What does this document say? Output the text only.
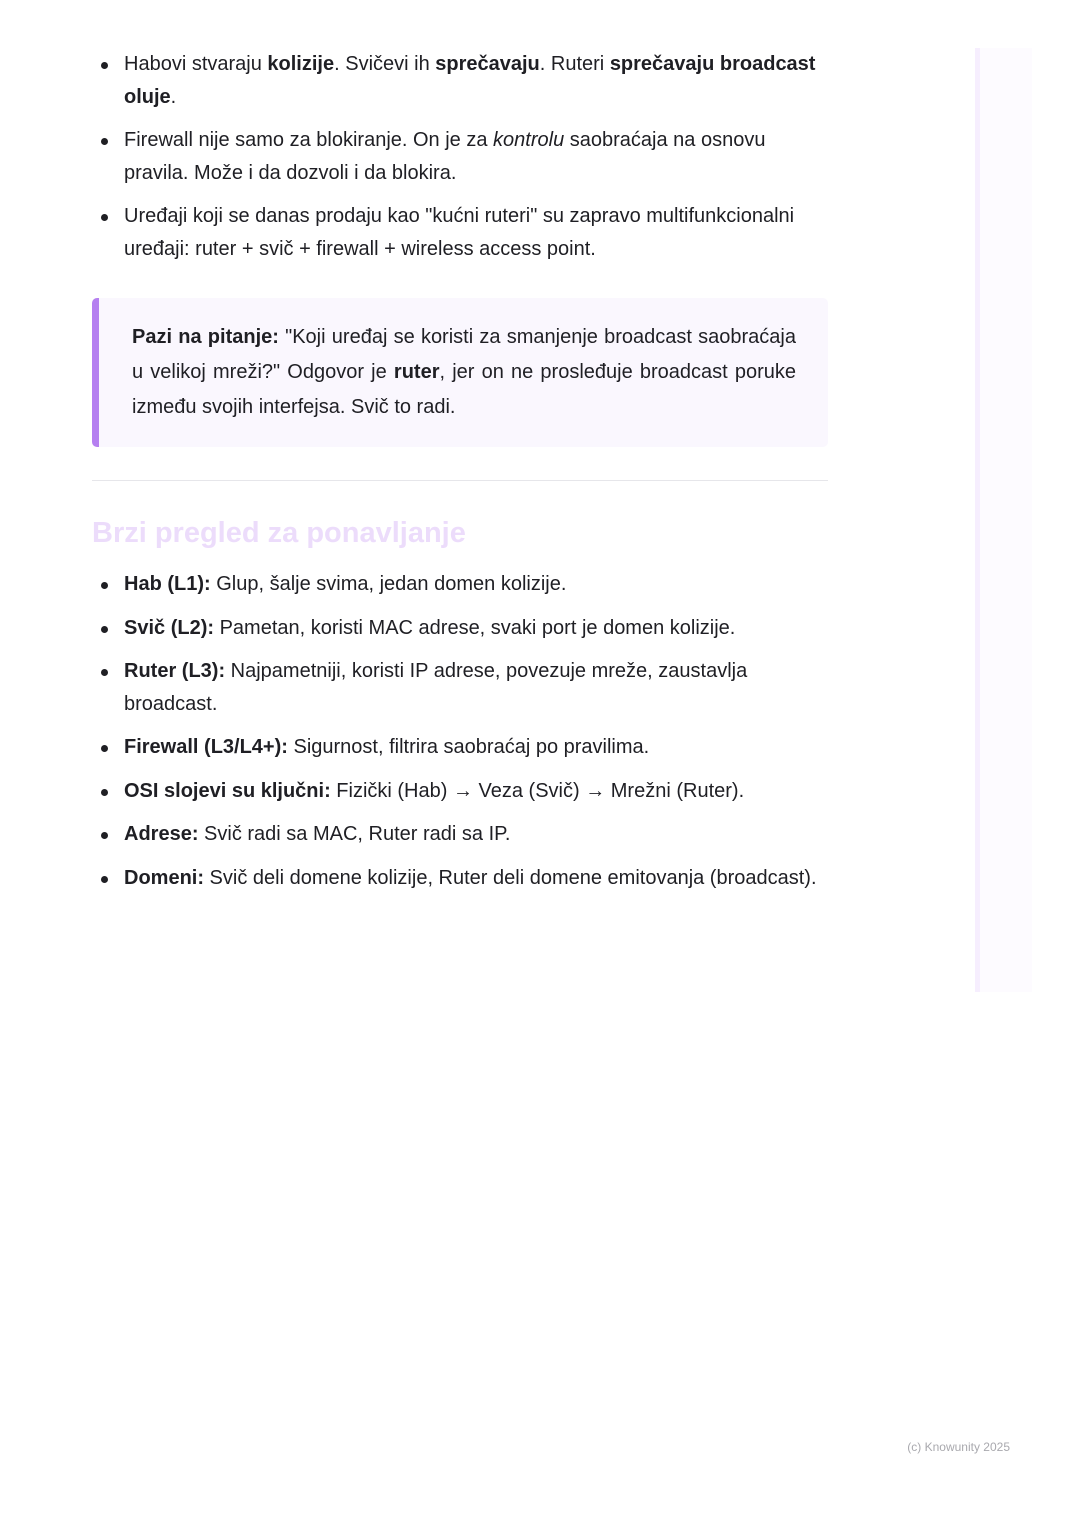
Habovi stvaraju kolizije. Svičevi ih sprečavaju. Ruteri sprečavaju broadcast oluje.
Firewall nije samo za blokiranje. On je za kontrolu saobraćaja na osnovu pravila. Može i da dozvoli i da blokira.
Uređaji koji se danas prodaju kao "kućni ruteri" su zapravo multifunkcionalni uređaji: ruter + svič + firewall + wireless access point.
Pazi na pitanje: "Koji uređaj se koristi za smanjenje broadcast saobraćaja u velikoj mreži?" Odgovor je ruter, jer on ne prosleđuje broadcast poruke između svojih interfejsa. Svič to radi.
Brzi pregled za ponavljanje
Hab (L1): Glup, šalje svima, jedan domen kolizije.
Svič (L2): Pametan, koristi MAC adrese, svaki port je domen kolizije.
Ruter (L3): Najpametniji, koristi IP adrese, povezuje mreže, zaustavlja broadcast.
Firewall (L3/L4+): Sigurnost, filtrira saobraćaj po pravilima.
OSI slojevi su ključni: Fizički (Hab) → Veza (Svič) → Mrežni (Ruter).
Adrese: Svič radi sa MAC, Ruter radi sa IP.
Domeni: Svič deli domene kolizije, Ruter deli domene emitovanja (broadcast).
(c) Knowunity 2025
